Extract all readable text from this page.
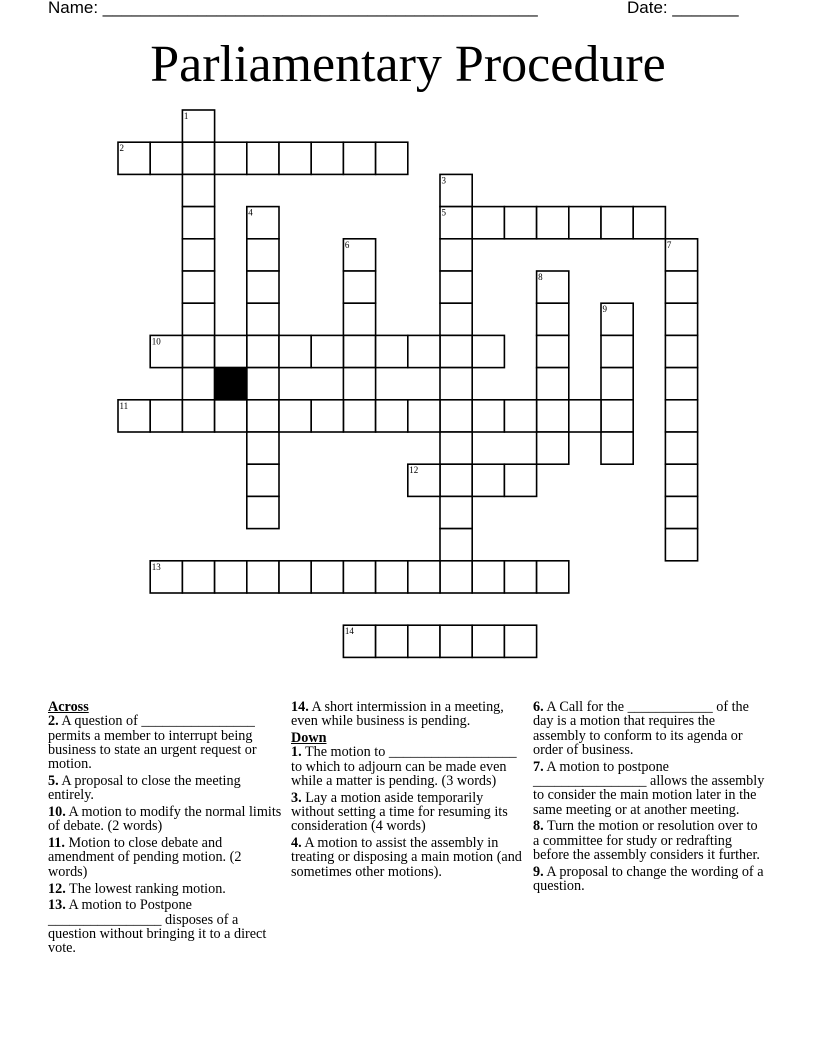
Name: ______________________________________________	Date: _______
Parliamentary Procedure
1
2
3
4	5
6	7
8
9
10
11
12
13
14
Across
2. A question of ________________ permits a member to interrupt being business to state an urgent request or motion.
5. A proposal to close the meeting entirely.
10. A motion to modify the normal limits of debate. (2 words)
11. Motion to close debate and amendment of pending motion. (2 words)
12. The lowest ranking motion.
13. A motion to Postpone ________________ disposes of a question without bringing it to a direct vote.
14. A short intermission in a meeting, even while business is pending.
Down
1. The motion to __________________ to which to adjourn can be made even while a matter is pending. (3 words)
3. Lay a motion aside temporarily without setting a time for resuming its consideration (4 words)
4. A motion to assist the assembly in treating or disposing a main motion (and sometimes other motions).
6. A Call for the ____________ of the day is a motion that requires the assembly to conform to its agenda or order of business.
7. A motion to postpone ________________ allows the assembly to consider the main motion later in the same meeting or at another meeting.
8. Turn the motion or resolution over to a committee for study or redrafting before the assembly considers it further.
9. A proposal to change the wording of a question.
